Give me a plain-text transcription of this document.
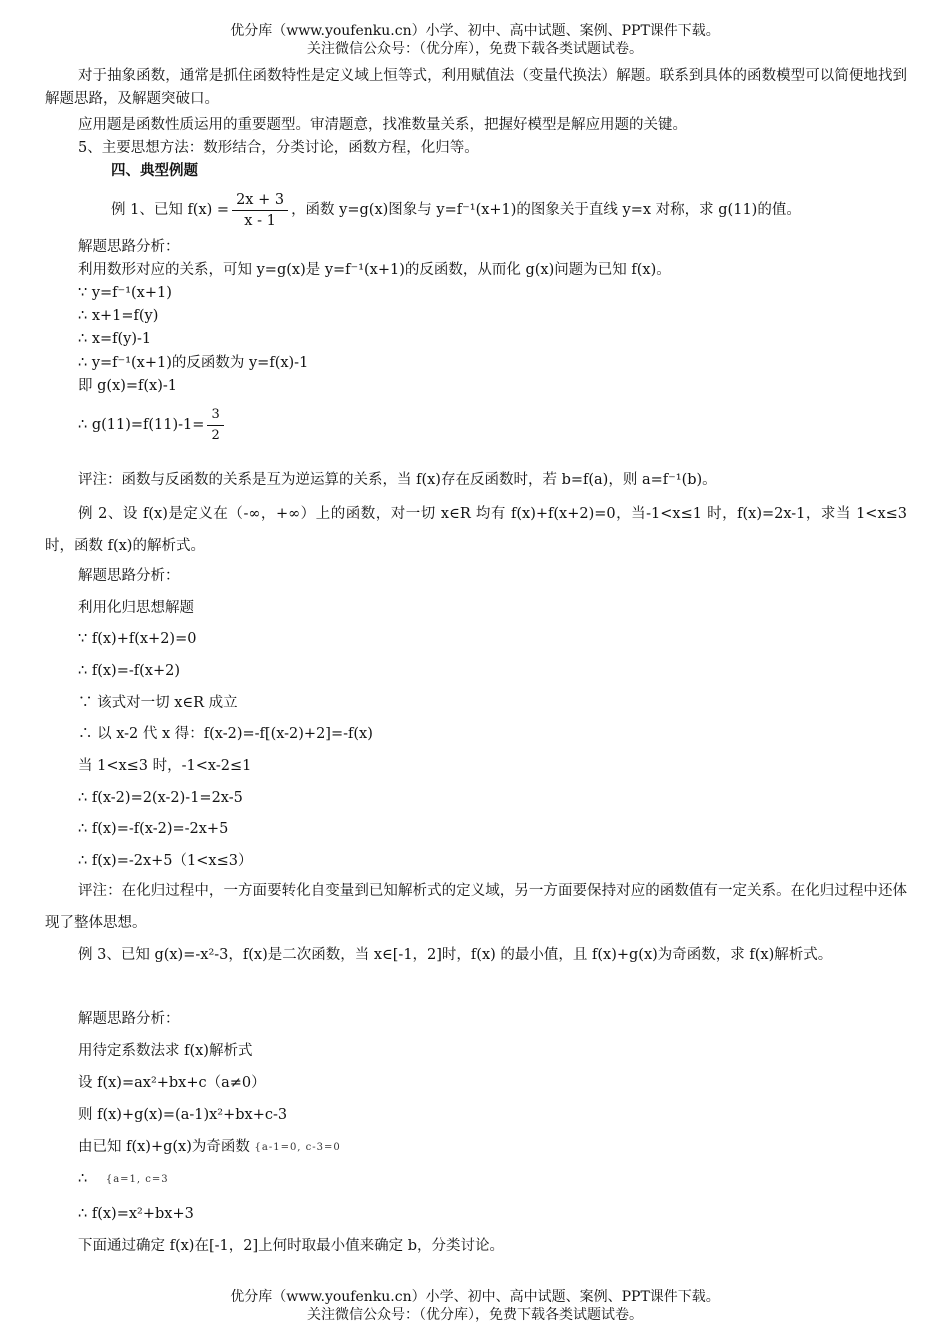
优分库（www.youfenku.cn）小学、初中、高中试题、案例、PPT课件下载。
关注微信公众号：（优分库），免费下载各类试题试卷。
对于抽象函数，通常是抓住函数特性是定义域上恒等式，利用赋值法（变量代换法）解题。联系到具体的函数模型可以简便地找到解题思路，及解题突破口。
应用题是函数性质运用的重要题型。审清题意，找准数量关系，把握好模型是解应用题的关键。
5、主要思想方法：数形结合，分类讨论，函数方程，化归等。
四、典型例题
例 1、已知 $f(x) = \frac{2x + 3}{x - 1}$ ，函数 y=g(x)图象与 y=f⁻¹(x+1)的图象关于直线 y=x 对称，求 g(11)的值。
解题思路分析：
利用数形对应的关系，可知 y=g(x)是 y=f⁻¹(x+1)的反函数，从而化 g(x)问题为已知 f(x)。
∵ y=f⁻¹(x+1)
∴ x+1=f(y)
∴ x=f(y)-1
∴ y=f⁻¹(x+1)的反函数为 y=f(x)-1
即 g(x)=f(x)-1
∴ $g(11)=f(11)-1= \frac{3}{2}$
评注：函数与反函数的关系是互为逆运算的关系，当 f(x)存在反函数时，若 b=f(a)，则 a=f⁻¹(b)。
例 2、设 f(x)是定义在（-∞，+∞）上的函数，对一切 x∈R 均有 f(x)+f(x+2)=0，当-1<x≤1 时，f(x)=2x-1，求当 1<x≤3 时，函数 f(x)的解析式。
解题思路分析：
利用化归思想解题
∵ f(x)+f(x+2)=0
∴ f(x)=-f(x+2)
∵ 该式对一切 x∈R 成立
∴ 以 x-2 代 x 得：f(x-2)=-f[(x-2)+2]=-f(x)
当 1<x≤3 时，-1<x-2≤1
∴ f(x-2)=2(x-2)-1=2x-5
∴ f(x)=-f(x-2)=-2x+5
∴ f(x)=-2x+5（1<x≤3）
评注：在化归过程中，一方面要转化自变量到已知解析式的定义域，另一方面要保持对应的函数值有一定关系。在化归过程中还体现了整体思想。
例 3、已知 g(x)=-x²-3，f(x)是二次函数，当 x∈[-1，2]时，f(x) 的最小值，且 f(x)+g(x)为奇函数，求 f(x)解析式。
解题思路分析：
用待定系数法求 f(x)解析式
设 f(x)=ax²+bx+c（a≠0）
则 f(x)+g(x)=(a-1)x²+bx+c-3
由已知 f(x)+g(x)为奇函数 {a-1=0, c-3=0
∴ {a=1, c=3
∴ f(x)=x²+bx+3
下面通过确定 f(x)在[-1，2]上何时取最小值来确定 b，分类讨论。
优分库（www.youfenku.cn）小学、初中、高中试题、案例、PPT课件下载。
关注微信公众号：（优分库），免费下载各类试题试卷。
